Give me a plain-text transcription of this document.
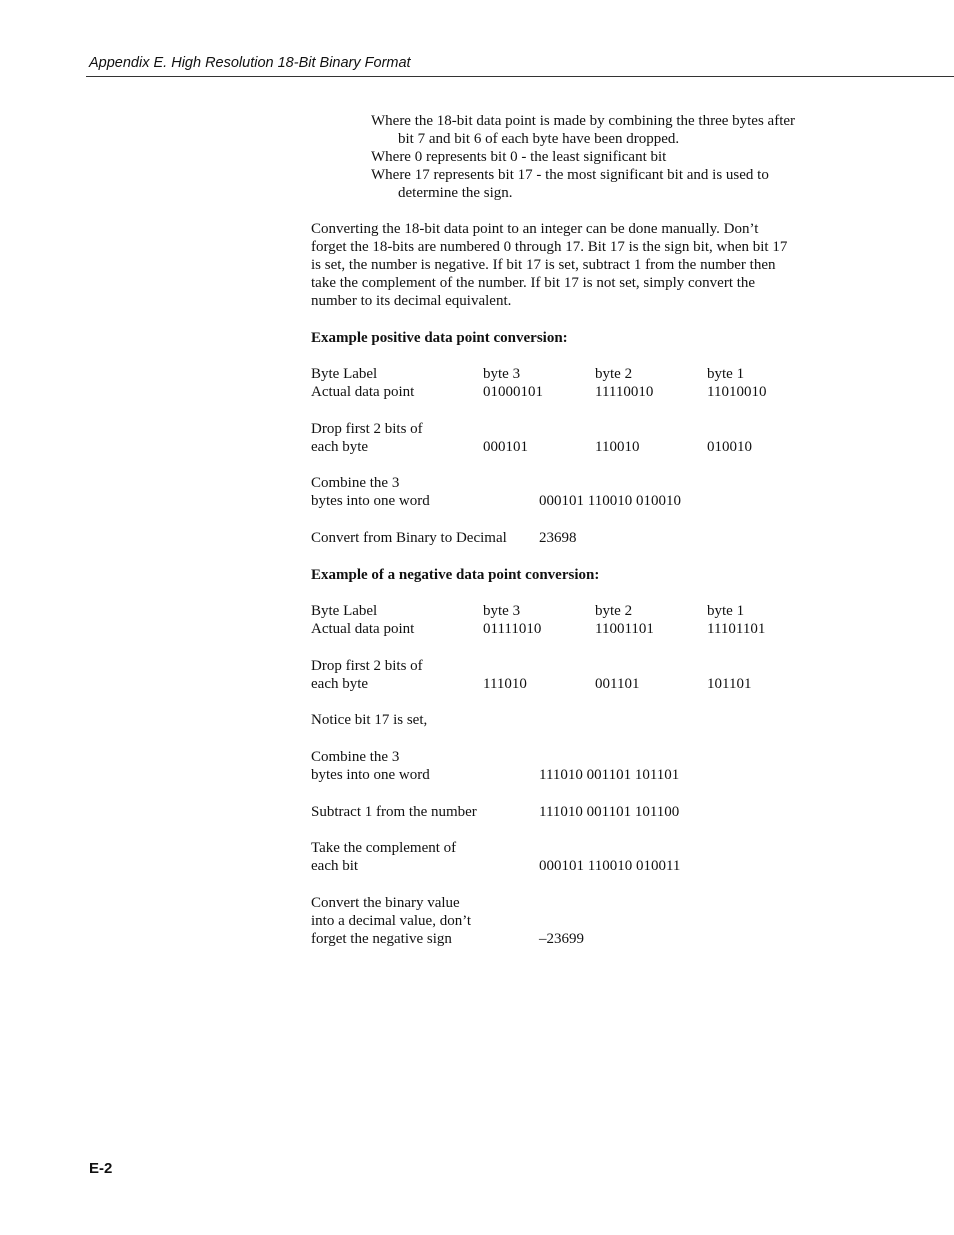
Appendix E. High Resolution 18-Bit Binary Format
Where the 18-bit data point is made by combining the three bytes after bit 7 and bit 6 of each byte have been dropped.
Where 0 represents bit 0 - the least significant bit
Where 17 represents bit 17 - the most significant bit and is used to determine the sign.
Converting the 18-bit data point to an integer can be done manually. Don’t
forget the 18-bits are numbered 0 through 17. Bit 17 is the sign bit, when bit 17
is set, the number is negative. If bit 17 is set, subtract 1 from the number then
take the complement of the number. If bit 17 is not set, simply convert the
number to its decimal equivalent.
Example positive data point conversion:
Byte Label	byte 3	byte 2	byte 1
Actual data point	01000101	11110010	11010010
Drop first 2 bits of
each byte	000101	110010	010010
Combine the 3
bytes into one word	000101 110010 010010
Convert from Binary to Decimal 23698
Example of a negative data point conversion:
Byte Label	byte 3	byte 2	byte 1
Actual data point	01111010	11001101	11101101
Drop first 2 bits of
each byte	111010	001101	101101
Notice bit 17 is set,
Combine the 3
bytes into one word	111010 001101 101101
Subtract 1 from the number	111010 001101 101100
Take the complement of
each bit	000101 110010 010011
Convert the binary value
into a decimal value, don’t
forget the negative sign	–23699
E-2
